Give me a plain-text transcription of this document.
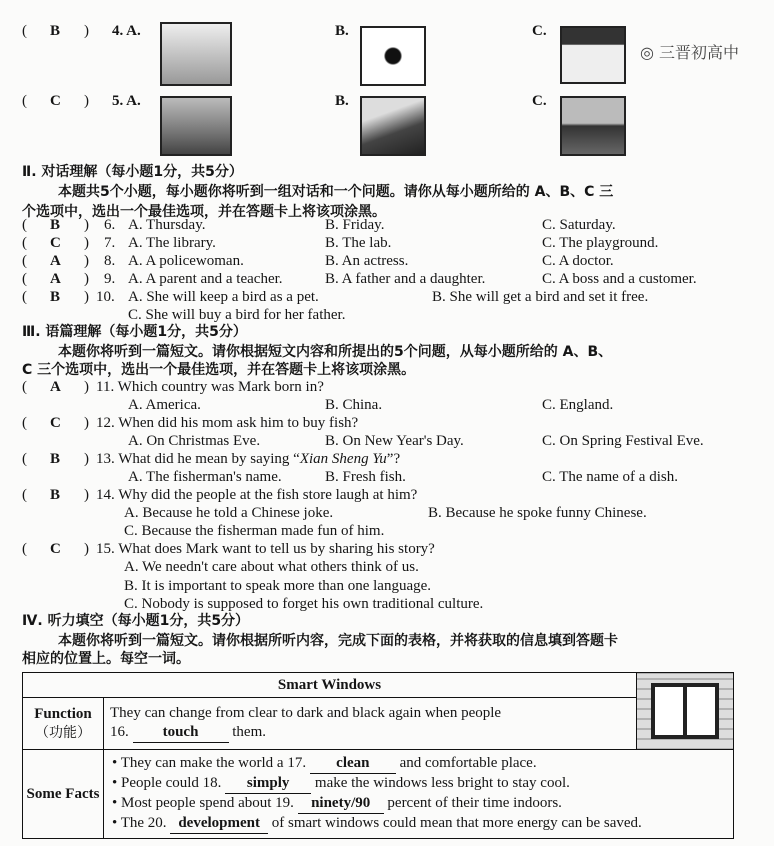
( B ) 4. A.	B.	C.
( C ) 5. A.	B.	C.
Ⅱ. 对话理解（每小题1分，共5分）
本题共5个小题，每小题你将听到一组对话和一个问题。请你从每小题所给的 A、B、C 三
个选项中，选出一个最佳选项，并在答题卡上将该项涂黑。
( B ) 10. A. She will keep a bird as a pet.	B. She will get a bird and set it free.
C. She will buy a bird for her father.
Ⅲ. 语篇理解（每小题1分，共5分）
本题你将听到一篇短文。请你根据短文内容和所提出的5个问题，从每小题所给的 A、B、
C 三个选项中，选出一个最佳选项，并在答题卡上将该项涂黑。
( B ) 13. What did he mean by saying “Xian Sheng Yu”?
A. The fisherman's name.	B. Fresh fish.	C. The name of a dish.
Ⅳ. 听力填空（每小题1分，共5分）
本题你将听到一篇短文。请你根据所听内容，完成下面的表格，并将获取的信息填到答题卡
相应的位置上。每空一词。
Smart Windows		

Function
（功能）	They can change from clear to dark and black again when people
16. touch them.	
Some Facts	• They can make the world a 17. clean and comfortable place.
• People could 18. simply make the windows less bright to stay cool.
• Most people spend about 19. ninety/90 percent of their time indoors.
• The 20. development of smart windows could mean that more energy can be saved.	
◎ 三晋初高中
( B ) 6. A. Thursday.	B. Friday.	C. Saturday.
( C ) 7. A. The library.	B. The lab.	C. The playground.
( A ) 8. A. A policewoman.	B. An actress.	C. A doctor.
( A ) 9. A. A parent and a teacher.	B. A father and a daughter.	C. A boss and a customer.
( A ) 11. Which country was Mark born in?
A. America.	B. China.	C. England.
( C ) 12. When did his mom ask him to buy fish?
A. On Christmas Eve.	B. On New Year's Day.	C. On Spring Festival Eve.
( B ) 14. Why did the people at the fish store laugh at him?
A. Because he told a Chinese joke.	B. Because he spoke funny Chinese.
C. Because the fisherman made fun of him.
( C ) 15. What does Mark want to tell us by sharing his story?
A. We needn't care about what others think of us.
B. It is important to speak more than one language.
C. Nobody is supposed to forget his own traditional culture.
